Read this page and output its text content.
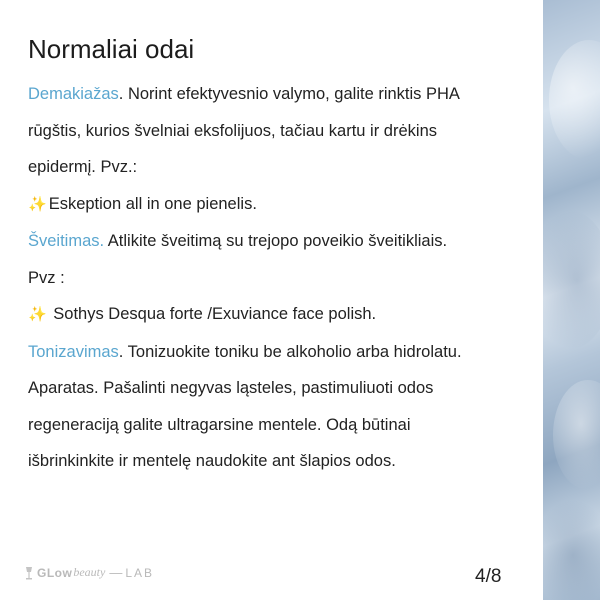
Normaliai odai
Demakiažas. Norint efektyvesnio valymo, galite rinktis PHA
rūgštis, kurios švelniai eksfolijuos, tačiau kartu ir drėkins
epidermį. Pvz.:
✨ Eskeption all in one pienelis.
Šveitimas. Atlikite šveitimą su trejopo poveikio šveitikliais.
Pvz :
✨ Sothys Desqua forte /Exuviance face polish.
Tonizavimas. Tonizuokite toniku be alkoholio arba hidrolatu.
Aparatas. Pašalinti negyvas ląsteles, pastimuliuoti odos
regeneraciją galite ultragarsine mentele. Odą būtinai
išbrinkinkite ir mentelę naudokite ant šlapios odos.
GLow beauty — LAB	4/8
